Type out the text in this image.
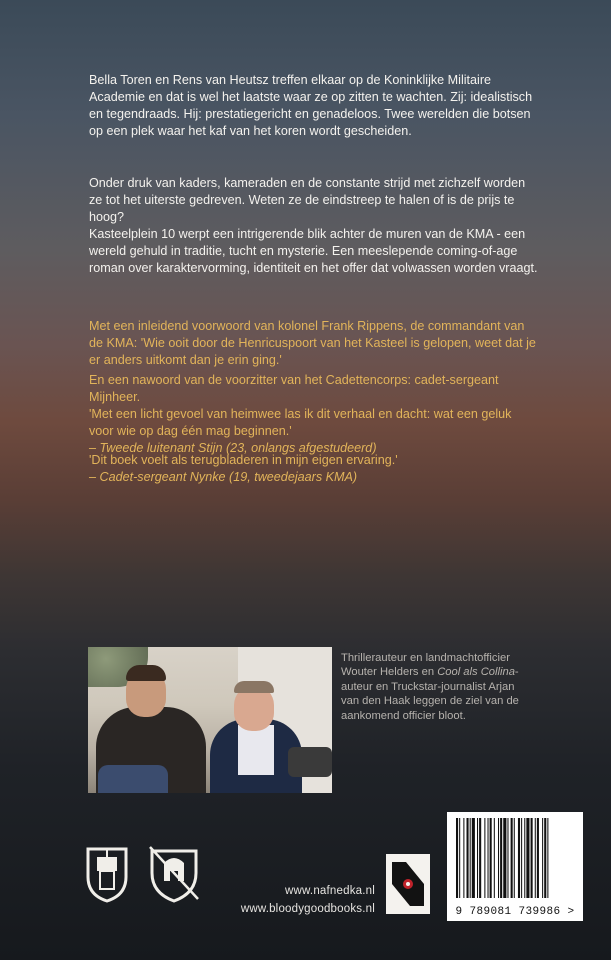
Bella Toren en Rens van Heutsz treffen elkaar op de Koninklijke Militaire Academie en dat is wel het laatste waar ze op zitten te wachten. Zij: idealistisch en tegendraads. Hij: prestatiegericht en genadeloos. Twee werelden die botsen op een plek waar het kaf van het koren wordt gescheiden.

Onder druk van kaders, kameraden en de constante strijd met zichzelf worden ze tot het uiterste gedreven. Weten ze de eindstreep te halen of is de prijs te hoog?

Kasteelplein 10 werpt een intrigerende blik achter de muren van de KMA - een wereld gehuld in traditie, tucht en mysterie. Een meeslepende coming-of-age roman over karaktervorming, identiteit en het offer dat volwassen worden vraagt.

Met een inleidend voorwoord van kolonel Frank Rippens, de commandant van de KMA: 'Wie ooit door de Henricuspoort van het Kasteel is gelopen, weet dat je er anders uitkomt dan je erin ging.'

En een nawoord van de voorzitter van het Cadettencorps: cadet-sergeant Mijnheer.

'Met een licht gevoel van heimwee las ik dit verhaal en dacht: wat een geluk voor wie op dag één mag beginnen.'

– Tweede luitenant Stijn (23, onlangs afgestudeerd)

'Dit boek voelt als terugbladeren in mijn eigen ervaring.'

– Cadet-sergeant Nynke (19, tweedejaars KMA)

Thrillerauteur en landmachtofficier Wouter Helders en Cool als Collina-auteur en Truckstar-journalist Arjan van den Haak leggen de ziel van de aankomend officier bloot.
www.nafnedka.nl
www.bloodygoodbooks.nl	9 789081 739986 >
